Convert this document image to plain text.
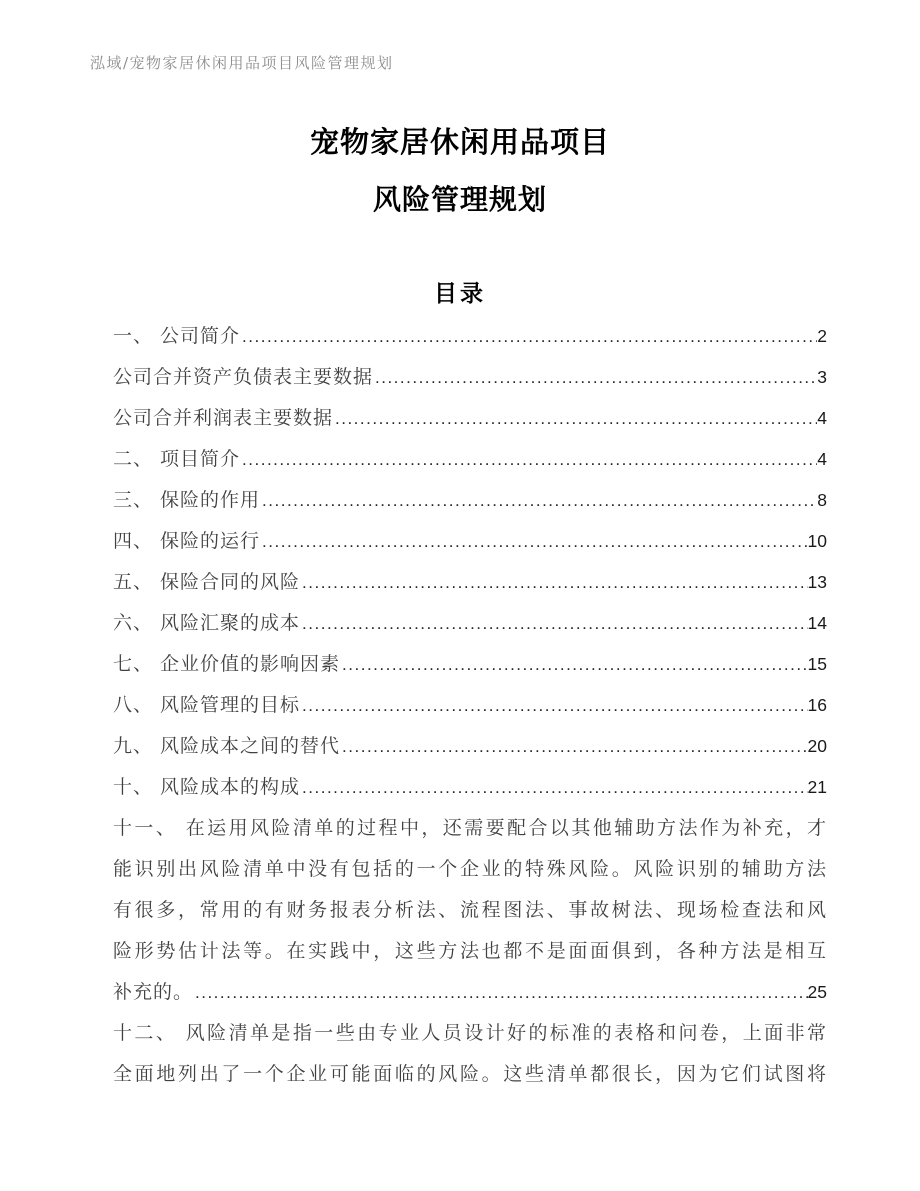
泓域/宠物家居休闲用品项目风险管理规划
宠物家居休闲用品项目
风险管理规划
目录
一、 公司简介 .....	2
公司合并资产负债表主要数据 .....	3
公司合并利润表主要数据 .....	4
二、 项目简介 .....	4
三、 保险的作用 .....	8
四、 保险的运行 .....	10
五、 保险合同的风险 .....	13
六、 风险汇聚的成本 .....	14
七、 企业价值的影响因素 .....	15
八、 风险管理的目标 .....	16
九、 风险成本之间的替代 .....	20
十、 风险成本的构成 .....	21
十一、 在运用风险清单的过程中，还需要配合以其他辅助方法作为补充，才
能识别出风险清单中没有包括的一个企业的特殊风险。风险识别的辅助方法
有很多，常用的有财务报表分析法、流程图法、事故树法、现场检查法和风
险形势估计法等。在实践中，这些方法也都不是面面俱到，各种方法是相互
补充的。 .....	25
十二、 风险清单是指一些由专业人员设计好的标准的表格和问卷，上面非常
全面地列出了一个企业可能面临的风险。这些清单都很长，因为它们试图将
